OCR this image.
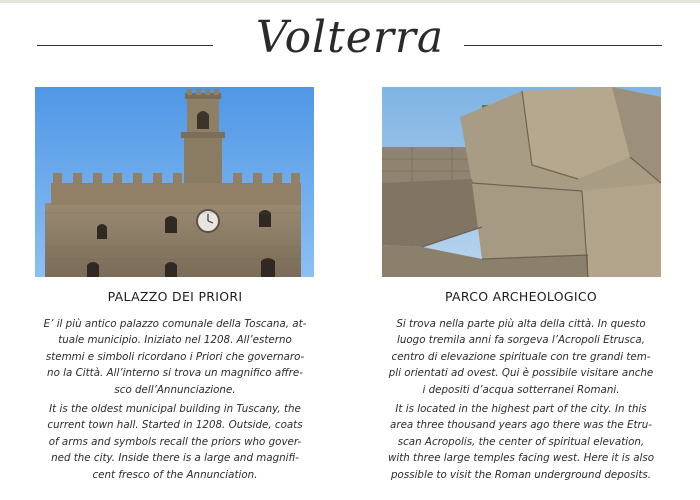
Volterra
PALAZZO DEI PRIORI	PARCO ARCHEOLOGICO
E’ il più antico palazzo comunale della Toscana, at-
tuale municipio. Iniziato nel 1208. All’esterno
stemmi e simboli ricordano i Priori che governaro-
no la Città. All’interno si trova un magnifico affre-
sco dell’Annunciazione.
It is the oldest municipal building in Tuscany, the
current town hall. Started in 1208. Outside, coats
of arms and symbols recall the priors who gover-
ned the city. Inside there is a large and magnifi-
cent fresco of the Annunciation.
Si trova nella parte più alta della città. In questo
luogo tremila anni fa sorgeva l’Acropoli Etrusca,
centro di elevazione spirituale con tre grandi tem-
pli orientati ad ovest. Qui è possibile visitare anche
i depositi d’acqua sotterranei Romani.
It is located in the highest part of the city. In this
area three thousand years ago there was the Etru-
scan Acropolis, the center of spiritual elevation,
with three large temples facing west. Here it is also
possible to visit the Roman underground deposits.
